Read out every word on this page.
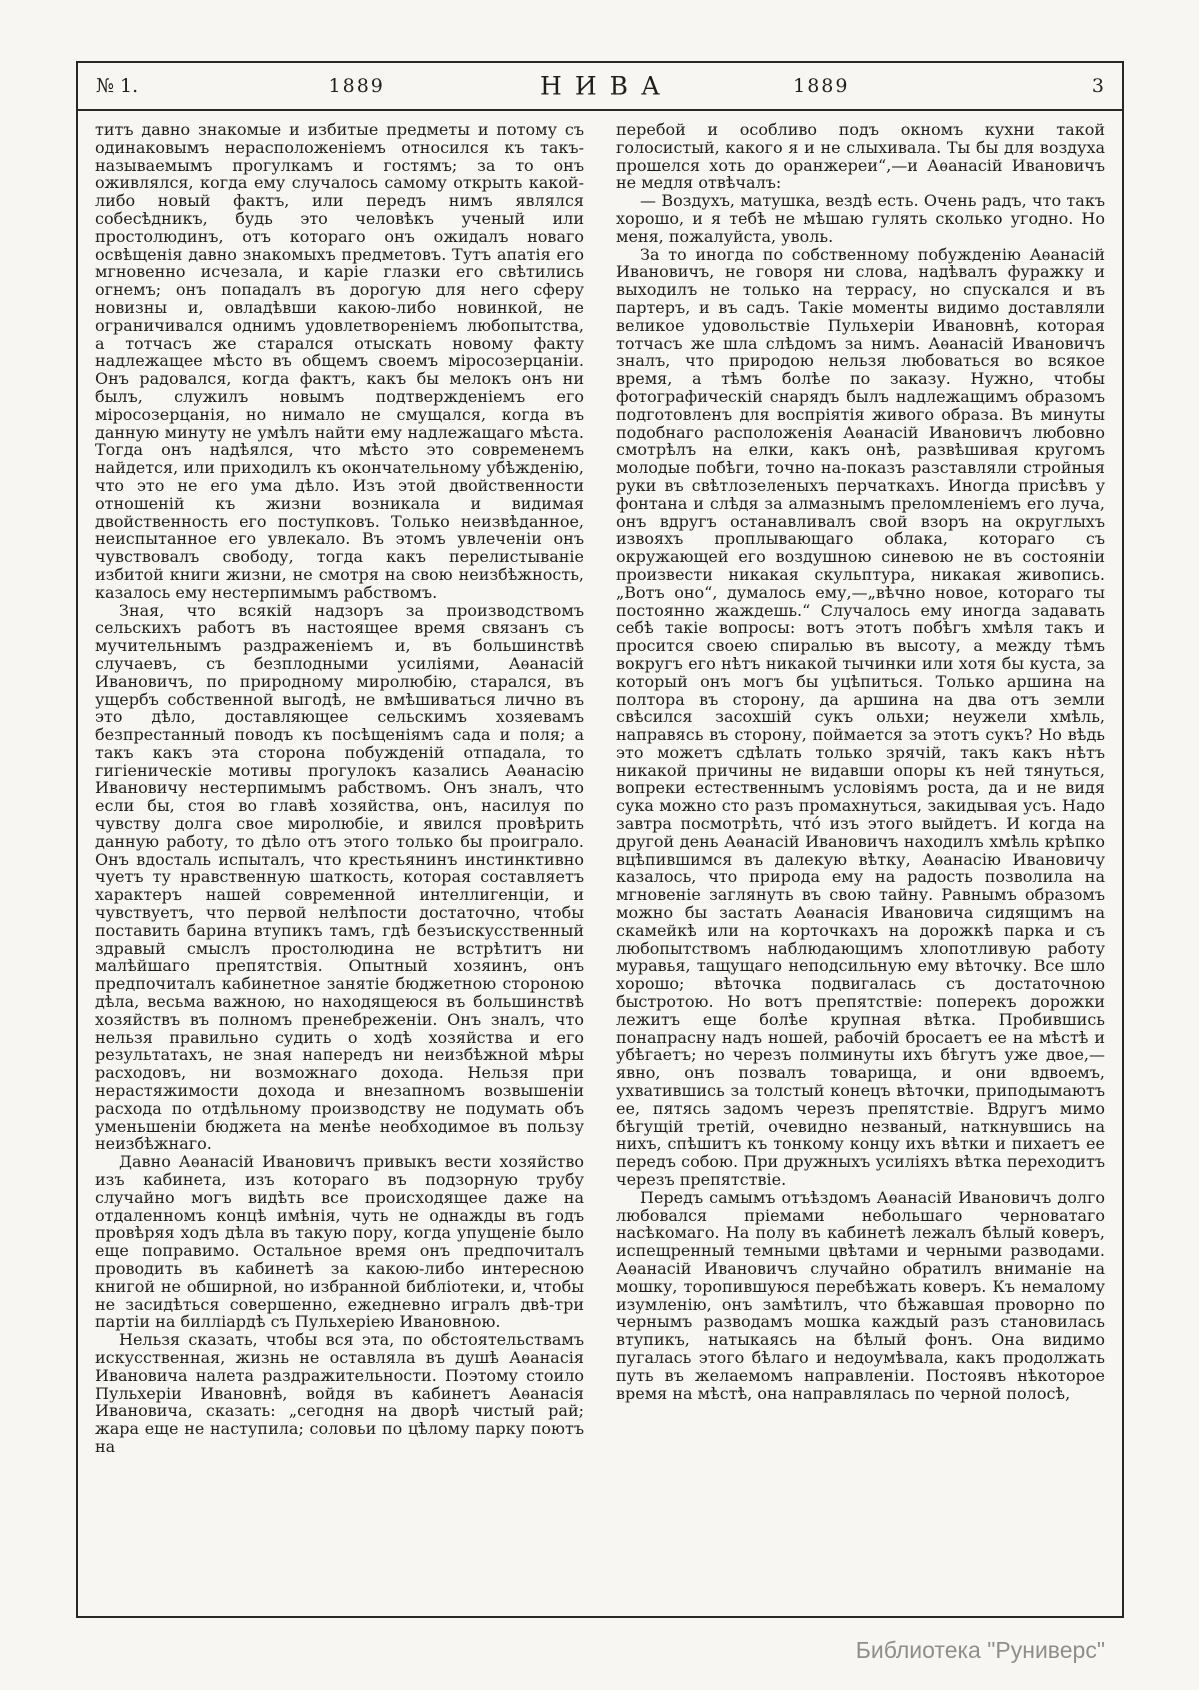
№ 1.	1889	НИВА	1889	3

титъ давно знакомые и избитые предметы и потому съ одинаковымъ нерасположеніемъ относился къ такъ-называемымъ прогулкамъ и гостямъ; за то онъ оживлялся, когда ему случалось самому открыть какой-либо новый фактъ, или передъ нимъ являлся собесѣдникъ, будь это человѣкъ ученый или простолюдинъ, отъ котораго онъ ожидалъ новаго освѣщенія давно знакомыхъ предметовъ. Тутъ апатія его мгновенно исчезала, и каріе глазки его свѣтились огнемъ; онъ попадалъ въ дорогую для него сферу новизны и, овладѣвши какою-либо новинкой, не ограничивался однимъ удовлетвореніемъ любопытства, а тотчасъ же старался отыскать новому факту надлежащее мѣсто въ общемъ своемъ міросозерцаніи. Онъ радовался, когда фактъ, какъ бы мелокъ онъ ни былъ, служилъ новымъ подтвержденіемъ его міросозерцанія, но нимало не смущался, когда въ данную минуту не умѣлъ найти ему надлежащаго мѣста. Тогда онъ надѣялся, что мѣсто это современемъ найдется, или приходилъ къ окончательному убѣжденію, что это не его ума дѣло. Изъ этой двойственности отношеній къ жизни возникала и видимая двойственность его поступковъ. Только неизвѣданное, неиспытанное его увлекало. Въ этомъ увлеченіи онъ чувствовалъ свободу, тогда какъ перелистываніе избитой книги жизни, не смотря на свою неизбѣжность, казалось ему нестерпимымъ рабствомъ.

Зная, что всякій надзоръ за производствомъ сельскихъ работъ въ настоящее время связанъ съ мучительнымъ раздраженіемъ и, въ большинствѣ случаевъ, съ безплодными усиліями, Аѳанасій Ивановичъ, по природному миролюбію, старался, въ ущербъ собственной выгодѣ, не вмѣшиваться лично въ это дѣло, доставляющее сельскимъ хозяевамъ безпрестанный поводъ къ посѣщеніямъ сада и поля; а такъ какъ эта сторона побужденій отпадала, то гигіеническіе мотивы прогулокъ казались Аѳанасію Ивановичу нестерпимымъ рабствомъ. Онъ зналъ, что если бы, стоя во главѣ хозяйства, онъ, насилуя по чувству долга свое миролюбіе, и явился провѣрить данную работу, то дѣло отъ этого только бы проиграло. Онъ вдосталь испыталъ, что крестьянинъ инстинктивно чуетъ ту нравственную шаткость, которая составляетъ характеръ нашей современной интеллигенціи, и чувствуетъ, что первой нелѣпости достаточно, чтобы поставить барина втупикъ тамъ, гдѣ безъискусственный здравый смыслъ простолюдина не встрѣтитъ ни малѣйшаго препятствія. Опытный хозяинъ, онъ предпочиталъ кабинетное занятіе бюджетною стороною дѣла, весьма важною, но находящеюся въ большинствѣ хозяйствъ въ полномъ пренебреженіи. Онъ зналъ, что нельзя правильно судить о ходѣ хозяйства и его результатахъ, не зная напередъ ни неизбѣжной мѣры расходовъ, ни возможнаго дохода. Нельзя при нерастяжимости дохода и внезапномъ возвышеніи расхода по отдѣльному производству не подумать объ уменьшеніи бюджета на менѣе необходимое въ пользу неизбѣжнаго.

Давно Аѳанасій Ивановичъ привыкъ вести хозяйство изъ кабинета, изъ котораго въ подзорную трубу случайно могъ видѣть все происходящее даже на отдаленномъ концѣ имѣнія, чуть не однажды въ годъ провѣряя ходъ дѣла въ такую пору, когда упущеніе было еще поправимо. Остальное время онъ предпочиталъ проводить въ кабинетѣ за какою-либо интересною книгой не обширной, но избранной библіотеки, и, чтобы не засидѣться совершенно, ежедневно игралъ двѣ-три партіи на билліардѣ съ Пульхеріею Ивановною.

Нельзя сказать, чтобы вся эта, по обстоятельствамъ искусственная, жизнь не оставляла въ душѣ Аѳанасія Ивановича налета раздражительности. Поэтому стоило Пульхеріи Ивановнѣ, войдя въ кабинетъ Аѳанасія Ивановича, сказать: „сегодня на дворѣ чистый рай; жара еще не наступила; соловьи по цѣлому парку поютъ на

перебой и особливо подъ окномъ кухни такой голосистый, какого я и не слыхивала. Ты бы для воздуха прошелся хоть до оранжереи“,—и Аѳанасій Ивановичъ не медля отвѣчалъ:

— Воздухъ, матушка, вездѣ есть. Очень радъ, что такъ хорошо, и я тебѣ не мѣшаю гулять сколько угодно. Но меня, пожалуйста, уволь.

За то иногда по собственному побужденію Аѳанасій Ивановичъ, не говоря ни слова, надѣвалъ фуражку и выходилъ не только на террасу, но спускался и въ партеръ, и въ садъ. Такіе моменты видимо доставляли великое удовольствіе Пульхеріи Ивановнѣ, которая тотчасъ же шла слѣдомъ за нимъ. Аѳанасій Ивановичъ зналъ, что природою нельзя любоваться во всякое время, а тѣмъ болѣе по заказу. Нужно, чтобы фотографическій снарядъ былъ надлежащимъ образомъ подготовленъ для воспріятія живого образа. Въ минуты подобнаго расположенія Аѳанасій Ивановичъ любовно смотрѣлъ на елки, какъ онѣ, развѣшивая кругомъ молодые побѣги, точно на-показъ разставляли стройныя руки въ свѣтлозеленыхъ перчаткахъ. Иногда присѣвъ у фонтана и слѣдя за алмазнымъ преломленіемъ его луча, онъ вдругъ останавливалъ свой взоръ на округлыхъ извояхъ проплывающаго облака, котораго съ окружающей его воздушною синевою не въ состояніи произвести никакая скульптура, никакая живопись. „Вотъ оно“, думалось ему,—„вѣчно новое, котораго ты постоянно жаждешь.“ Случалось ему иногда задавать себѣ такіе вопросы: вотъ этотъ побѣгъ хмѣля такъ и просится своею спиралью въ высоту, а между тѣмъ вокругъ его нѣтъ никакой тычинки или хотя бы куста, за который онъ могъ бы уцѣпиться. Только аршина на полтора въ сторону, да аршина на два отъ земли свѣсился засохшій сукъ ольхи; неужели хмѣль, направясь въ сторону, поймается за этотъ сукъ? Но вѣдь это можетъ сдѣлать только зрячій, такъ какъ нѣтъ никакой причины не видавши опоры къ ней тянуться, вопреки естественнымъ условіямъ роста, да и не видя сука можно сто разъ промахнуться, закидывая усъ. Надо завтра посмотрѣть, что́ изъ этого выйдетъ. И когда на другой день Аѳанасій Ивановичъ находилъ хмѣль крѣпко вцѣпившимся въ далекую вѣтку, Аѳанасію Ивановичу казалось, что природа ему на радость позволила на мгновеніе заглянуть въ свою тайну. Равнымъ образомъ можно бы застать Аѳанасія Ивановича сидящимъ на скамейкѣ или на корточкахъ на дорожкѣ парка и съ любопытствомъ наблюдающимъ хлопотливую работу муравья, тащущаго неподсильную ему вѣточку. Все шло хорошо; вѣточка подвигалась съ достаточною быстротою. Но вотъ препятствіе: поперекъ дорожки лежитъ еще болѣе крупная вѣтка. Пробившись понапрасну надъ ношей, рабочій бросаетъ ее на мѣстѣ и убѣгаетъ; но черезъ полминуты ихъ бѣгутъ уже двое,—явно, онъ позвалъ товарища, и они вдвоемъ, ухватившись за толстый конецъ вѣточки, приподымаютъ ее, пятясь задомъ черезъ препятствіе. Вдругъ мимо бѣгущій третій, очевидно незваный, наткнувшись на нихъ, спѣшитъ къ тонкому концу ихъ вѣтки и пихаетъ ее передъ собою. При дружныхъ усиліяхъ вѣтка переходитъ черезъ препятствіе.

Передъ самымъ отъѣздомъ Аѳанасій Ивановичъ долго любовался пріемами небольшаго черноватаго насѣкомаго. На полу въ кабинетѣ лежалъ бѣлый коверъ, испещренный темными цвѣтами и черными разводами. Аѳанасій Ивановичъ случайно обратилъ вниманіе на мошку, торопившуюся перебѣжать коверъ. Къ немалому изумленію, онъ замѣтилъ, что бѣжавшая проворно по чернымъ разводамъ мошка каждый разъ становилась втупикъ, натыкаясь на бѣлый фонъ. Она видимо пугалась этого бѣлаго и недоумѣвала, какъ продолжать путь въ желаемомъ направленіи. Постоявъ нѣкоторое время на мѣстѣ, она направлялась по черной полосѣ,

Библиотека "Руниверс"
